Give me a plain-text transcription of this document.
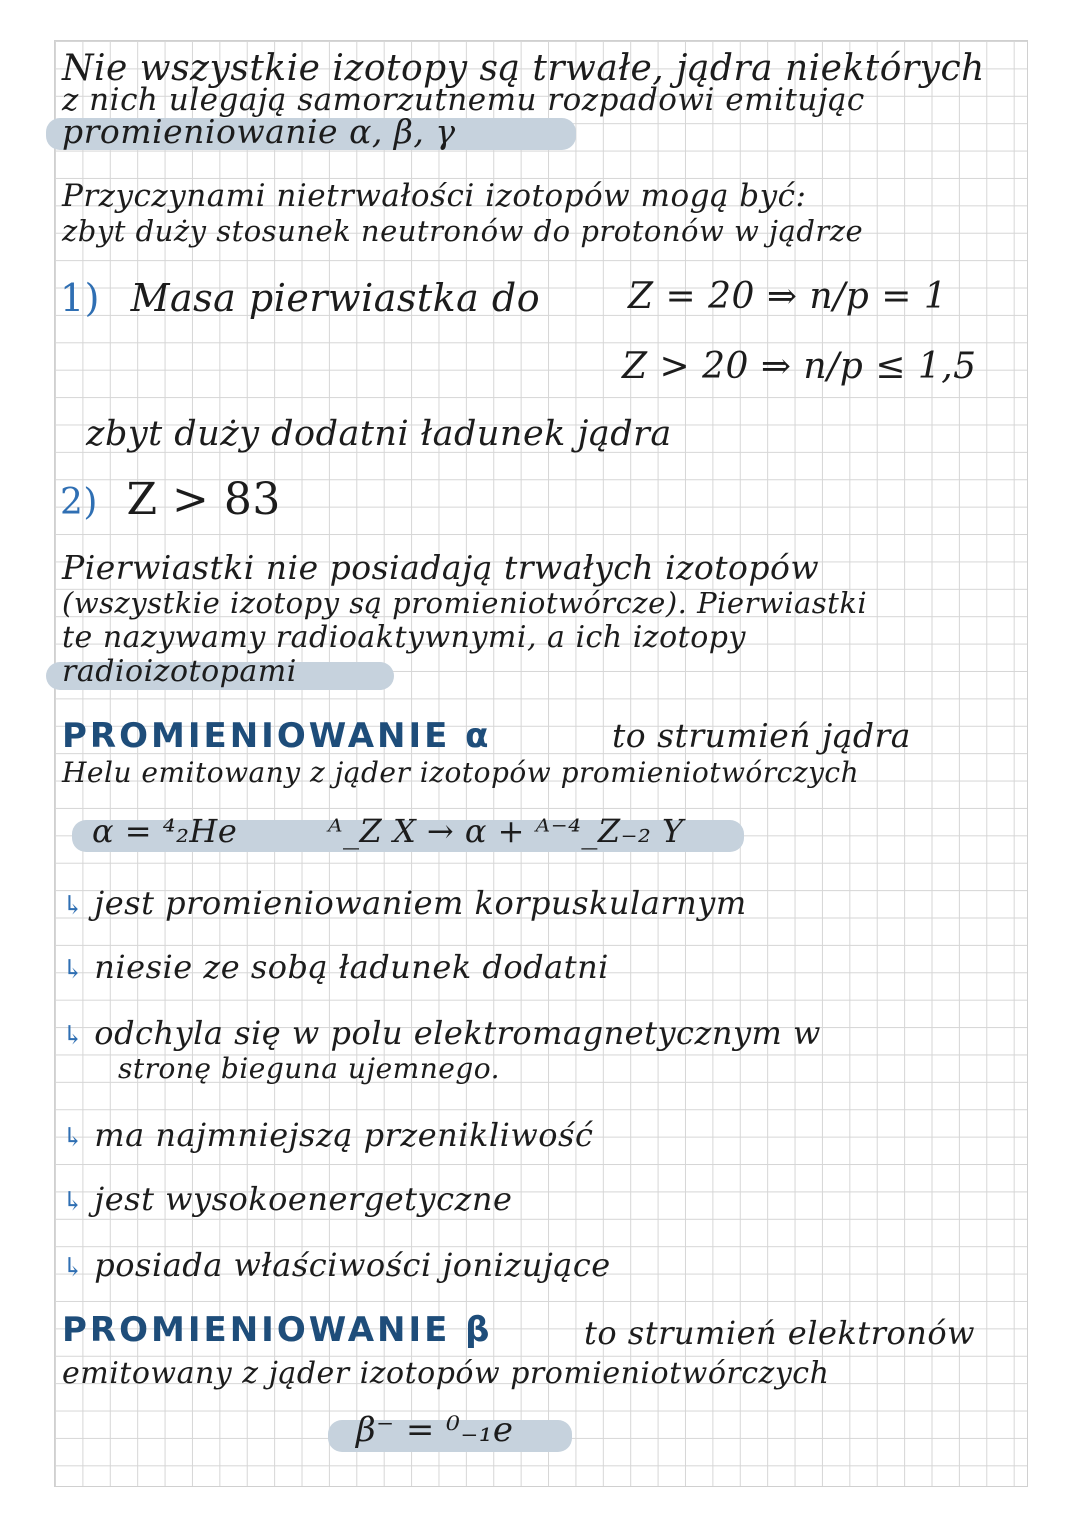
Nie wszystkie izotopy są trwałe, jądra niektórych
z nich ulegają samorzutnemu rozpadowi emitując
promieniowanie α, β, γ
Przyczynami nietrwałości izotopów mogą być:
zbyt duży stosunek neutronów do protonów w jądrze
1) Masa pierwiastka do Z = 20 ⇒ n/p = 1
Z > 20 ⇒ n/p ≤ 1,5
zbyt duży dodatni ładunek jądra
2) Z > 83
Pierwiastki nie posiadają trwałych izotopów
(wszystkie izotopy są promieniotwórcze). Pierwiastki
te nazywamy radioaktywnymi, a ich izotopy
radioizotopami
PROMIENIOWANIE α	to strumień jądra
Helu emitowany z jąder izotopów promieniotwórczych
α = ⁴₂He	ᴬ_Z X → α + ᴬ⁻⁴_Z₋₂ Y
↳ jest promieniowaniem korpuskularnym
↳ niesie ze sobą ładunek dodatni
↳ odchyla się w polu elektromagnetycznym w
stronę bieguna ujemnego.
↳ ma najmniejszą przenikliwość
↳ jest wysokoenergetyczne
↳ posiada właściwości jonizujące
PROMIENIOWANIE β	to strumień elektronów
emitowany z jąder izotopów promieniotwórczych
β⁻ = ⁰₋₁e
